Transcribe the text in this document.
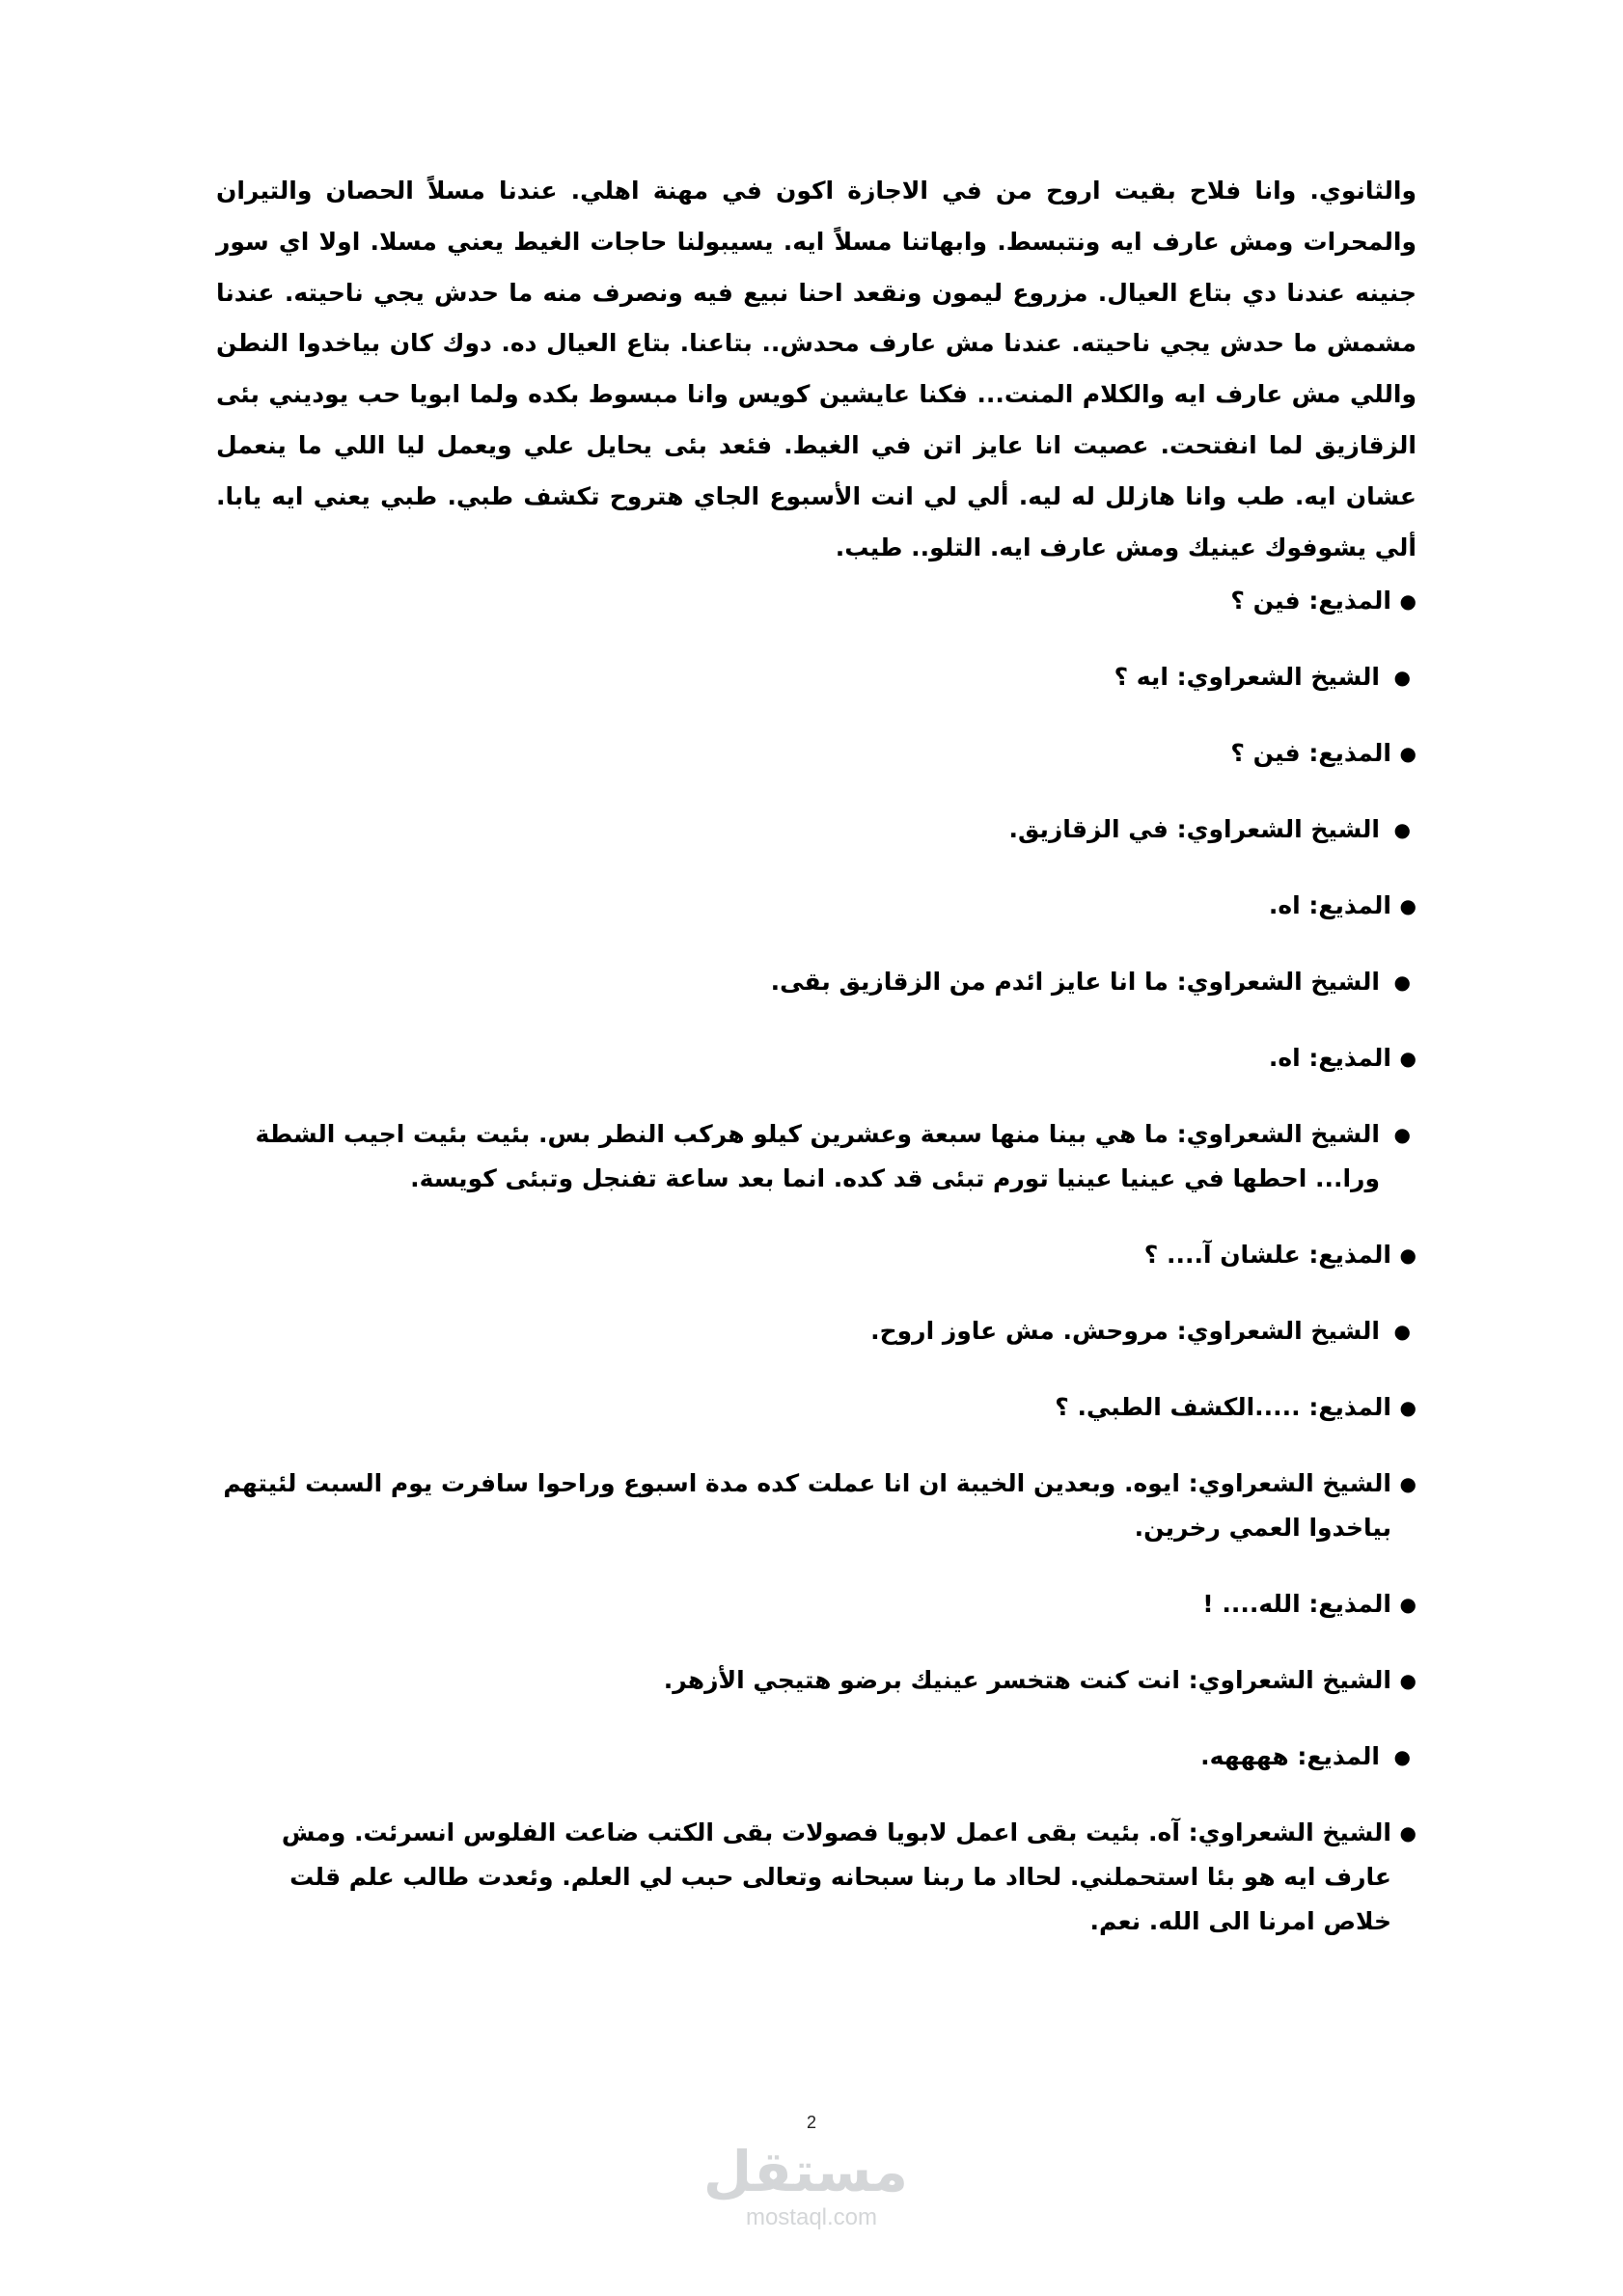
والثانوي. وانا فلاح بقيت اروح من في الاجازة اكون في مهنة اهلي. عندنا مسلاً الحصان والتيران والمحرات ومش عارف ايه ونتبسط. وابهاتنا مسلاً ايه. يسيبولنا حاجات الغيط يعني مسلا. اولا اي سور جنينه عندنا دي بتاع العيال. مزروع ليمون ونقعد احنا نبيع فيه ونصرف منه ما حدش يجي ناحيته. عندنا مشمش ما حدش يجي ناحيته. عندنا مش عارف محدش.. بتاعنا. بتاع العيال ده. دوك كان بياخدوا النطن واللي مش عارف ايه والكلام المنت... فكنا عايشين كويس وانا مبسوط بكده ولما ابويا حب يوديني بئى الزقازيق لما انفتحت. عصيت انا عايز اتن في الغيط. فئعد بئى يحايل علي ويعمل ليا اللي ما ينعمل عشان ايه. طب وانا هازلل له ليه. ألي لي انت الأسبوع الجاي هتروح تكشف طبي. طبي يعني ايه يابا. ألي يشوفوك عينيك ومش عارف ايه. التلو.. طيب.

●
المذيع: فين ؟
●
الشيخ الشعراوي: ايه ؟
●
المذيع: فين ؟
●
الشيخ الشعراوي: في الزقازيق.
●
المذيع: اه.
●
الشيخ الشعراوي: ما انا عايز ائدم من الزقازيق بقى.
●
المذيع: اه.
●
الشيخ الشعراوي: ما هي بينا منها سبعة وعشرين كيلو هركب النطر بس. بئيت بئيت اجيب الشطة ورا... احطها في عينيا عينيا تورم تبئى قد كده. انما بعد ساعة تفنجل وتبئى كويسة.
●
المذيع: علشان آ.... ؟
●
الشيخ الشعراوي: مروحش. مش عاوز اروح.
●
المذيع: .....الكشف الطبي. ؟
●
الشيخ الشعراوي: ايوه. وبعدين الخيبة ان انا عملت كده مدة اسبوع وراحوا سافرت يوم السبت لئيتهم بياخدوا العمي رخرين.
●
المذيع: الله.... !
●
الشيخ الشعراوي: انت كنت هتخسر عينيك برضو هتيجي الأزهر.
●
المذيع: ههههه.
●
الشيخ الشعراوي: آه. بئيت بقى اعمل لابويا فصولات بقى الكتب ضاعت الفلوس انسرئت. ومش عارف ايه هو بئا استحملني. لحااد ما ربنا سبحانه وتعالى حبب لي العلم. وئعدت طالب علم قلت خلاص امرنا الى الله. نعم.
2
مستقل
mostaql.com
